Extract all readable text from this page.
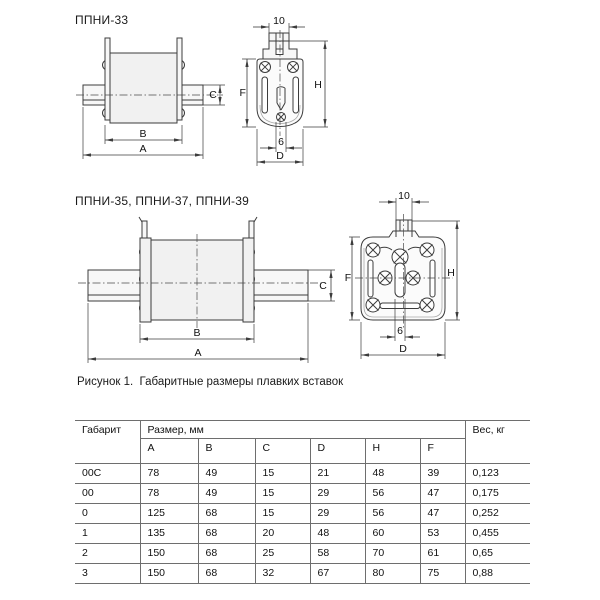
ППНИ-33
C
B
A
10
F
H
6
D
ППНИ-35, ППНИ-37, ППНИ-39
C
B
A
10
F	H
6
D
Рисунок 1.  Габаритные размеры плавких вставок
Габарит	Размер, мм						Вес, кг
	A	B	C	D	H	F	
00C	78	49	15	21	48	39	0,123
00	78	49	15	29	56	47	0,175
0	125	68	15	29	56	47	0,252
1	135	68	20	48	60	53	0,455
2	150	68	25	58	70	61	0,65
3	150	68	32	67	80	75	0,88
